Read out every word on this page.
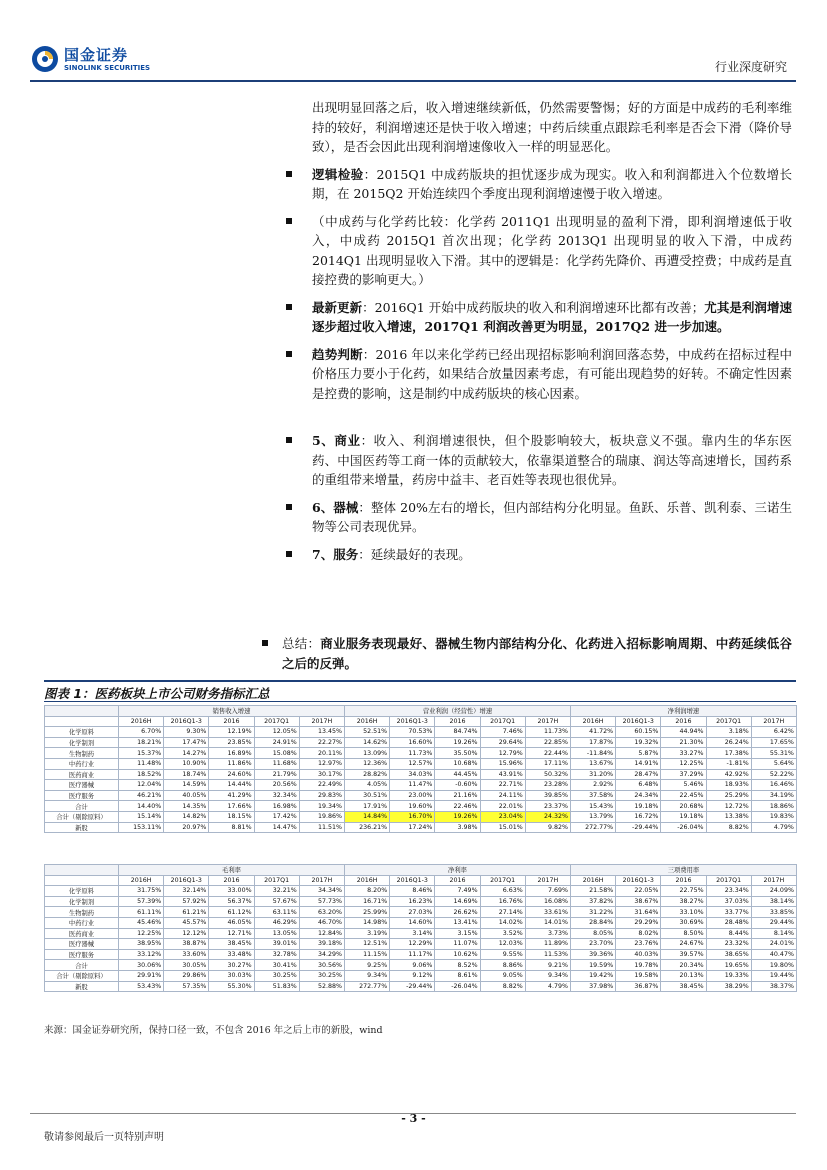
国金证券
SINOLINK SECURITIES	行业深度研究

出现明显回落之后，收入增速继续新低，仍然需要警惕；好的方面是中成药的毛利率维持的较好，利润增速还是快于收入增速；中药后续重点跟踪毛利率是否会下滑（降价导致），是否会因此出现利润增速像收入一样的明显恶化。

逻辑检验：2015Q1 中成药版块的担忧逐步成为现实。收入和利润都进入个位数增长期，在 2015Q2 开始连续四个季度出现利润增速慢于收入增速。

（中成药与化学药比较：化学药 2011Q1 出现明显的盈利下滑，即利润增速低于收入，中成药 2015Q1 首次出现；化学药 2013Q1 出现明显的收入下滑，中成药 2014Q1 出现明显收入下滑。其中的逻辑是：化学药先降价、再遭受控费；中成药是直接控费的影响更大。）

最新更新：2016Q1 开始中成药版块的收入和利润增速环比都有改善；尤其是利润增速逐步超过收入增速，2017Q1 利润改善更为明显，2017Q2 进一步加速。

趋势判断：2016 年以来化学药已经出现招标影响利润回落态势，中成药在招标过程中价格压力要小于化药，如果结合放量因素考虑，有可能出现趋势的好转。不确定性因素是控费的影响，这是制约中成药版块的核心因素。

5、商业：收入、利润增速很快，但个股影响较大，板块意义不强。靠内生的华东医药、中国医药等工商一体的贡献较大，依靠渠道整合的瑞康、润达等高速增长，国药系的重组带来增量，药房中益丰、老百姓等表现也很优异。

6、器械：整体 20%左右的增长，但内部结构分化明显。鱼跃、乐普、凯利泰、三诺生物等公司表现优异。

7、服务：延续最好的表现。

总结：商业服务表现最好、器械生物内部结构分化、化药进入招标影响周期、中药延续低谷之后的反弹。

图表 1：医药板块上市公司财务指标汇总
	销售收入增速					营业利润（经营性）增速					净利润增速				
	2016H	2016Q1-3	2016	2017Q1	2017H	2016H	2016Q1-3	2016	2017Q1	2017H	2016H	2016Q1-3	2016	2017Q1	2017H
化学原料	6.70%	9.30%	12.19%	12.05%	13.45%	52.51%	70.53%	84.74%	7.46%	11.73%	41.72%	60.15%	44.94%	3.18%	6.42%
化学制剂	18.21%	17.47%	23.85%	24.91%	22.27%	14.62%	16.60%	19.26%	29.64%	22.85%	17.87%	19.32%	21.30%	26.24%	17.65%
生物制药	15.37%	14.27%	16.89%	15.08%	20.11%	13.09%	11.73%	35.50%	12.79%	22.44%	-11.84%	5.87%	33.27%	17.38%	55.31%
中药行业	11.48%	10.90%	11.86%	11.68%	12.97%	12.36%	12.57%	10.68%	15.96%	17.11%	13.67%	14.91%	12.25%	-1.81%	5.64%
医药商业	18.52%	18.74%	24.60%	21.79%	30.17%	28.82%	34.03%	44.45%	43.91%	50.32%	31.20%	28.47%	37.29%	42.92%	52.22%
医疗器械	12.04%	14.59%	14.44%	20.56%	22.49%	4.05%	11.47%	-0.60%	22.71%	23.28%	2.92%	6.48%	5.46%	18.93%	16.46%
医疗服务	46.21%	40.05%	41.29%	32.34%	29.83%	30.51%	23.00%	21.16%	24.11%	39.85%	37.58%	24.34%	22.45%	25.29%	34.19%
合计	14.40%	14.35%	17.66%	16.98%	19.34%	17.91%	19.60%	22.46%	22.01%	23.37%	15.43%	19.18%	20.68%	12.72%	18.86%
合计（剔除原料）	15.14%	14.82%	18.15%	17.42%	19.86%	14.84%	16.70%	19.26%	23.04%	24.32%	13.79%	16.72%	19.18%	13.38%	19.83%
新股	153.11%	20.97%	8.81%	14.47%	11.51%	236.21%	17.24%	3.98%	15.01%	9.82%	272.77%	-29.44%	-26.04%	8.82%	4.79%
	毛利率					净利率					三项费用率				
	2016H	2016Q1-3	2016	2017Q1	2017H	2016H	2016Q1-3	2016	2017Q1	2017H	2016H	2016Q1-3	2016	2017Q1	2017H
化学原料	31.75%	32.14%	33.00%	32.21%	34.34%	8.20%	8.46%	7.49%	6.63%	7.69%	21.58%	22.05%	22.75%	23.34%	24.09%
化学制剂	57.39%	57.92%	56.37%	57.67%	57.73%	16.71%	16.23%	14.69%	16.76%	16.08%	37.82%	38.67%	38.27%	37.03%	38.14%
生物制药	61.11%	61.21%	61.12%	63.11%	63.20%	25.99%	27.03%	26.62%	27.14%	33.61%	31.22%	31.64%	33.10%	33.77%	33.85%
中药行业	45.46%	45.57%	46.05%	46.29%	46.70%	14.98%	14.60%	13.41%	14.02%	14.01%	28.84%	29.29%	30.69%	28.48%	29.44%
医药商业	12.25%	12.12%	12.71%	13.05%	12.84%	3.19%	3.14%	3.15%	3.52%	3.73%	8.05%	8.02%	8.50%	8.44%	8.14%
医疗器械	38.95%	38.87%	38.45%	39.01%	39.18%	12.51%	12.29%	11.07%	12.03%	11.89%	23.70%	23.76%	24.67%	23.32%	24.01%
医疗服务	33.12%	33.60%	33.48%	32.78%	34.29%	11.15%	11.17%	10.62%	9.55%	11.53%	39.36%	40.03%	39.57%	38.65%	40.47%
合计	30.06%	30.05%	30.27%	30.41%	30.56%	9.25%	9.06%	8.52%	8.86%	9.21%	19.59%	19.78%	20.34%	19.65%	19.80%
合计（剔除原料）	29.91%	29.86%	30.03%	30.25%	30.25%	9.34%	9.12%	8.61%	9.05%	9.34%	19.42%	19.58%	20.13%	19.33%	19.44%
新股	53.43%	57.35%	55.30%	51.83%	52.88%	272.77%	-29.44%	-26.04%	8.82%	4.79%	37.98%	36.87%	38.45%	38.29%	38.37%
来源：国金证券研究所，保持口径一致，不包含 2016 年之后上市的新股，wind
- 3 -
敬请参阅最后一页特别声明
